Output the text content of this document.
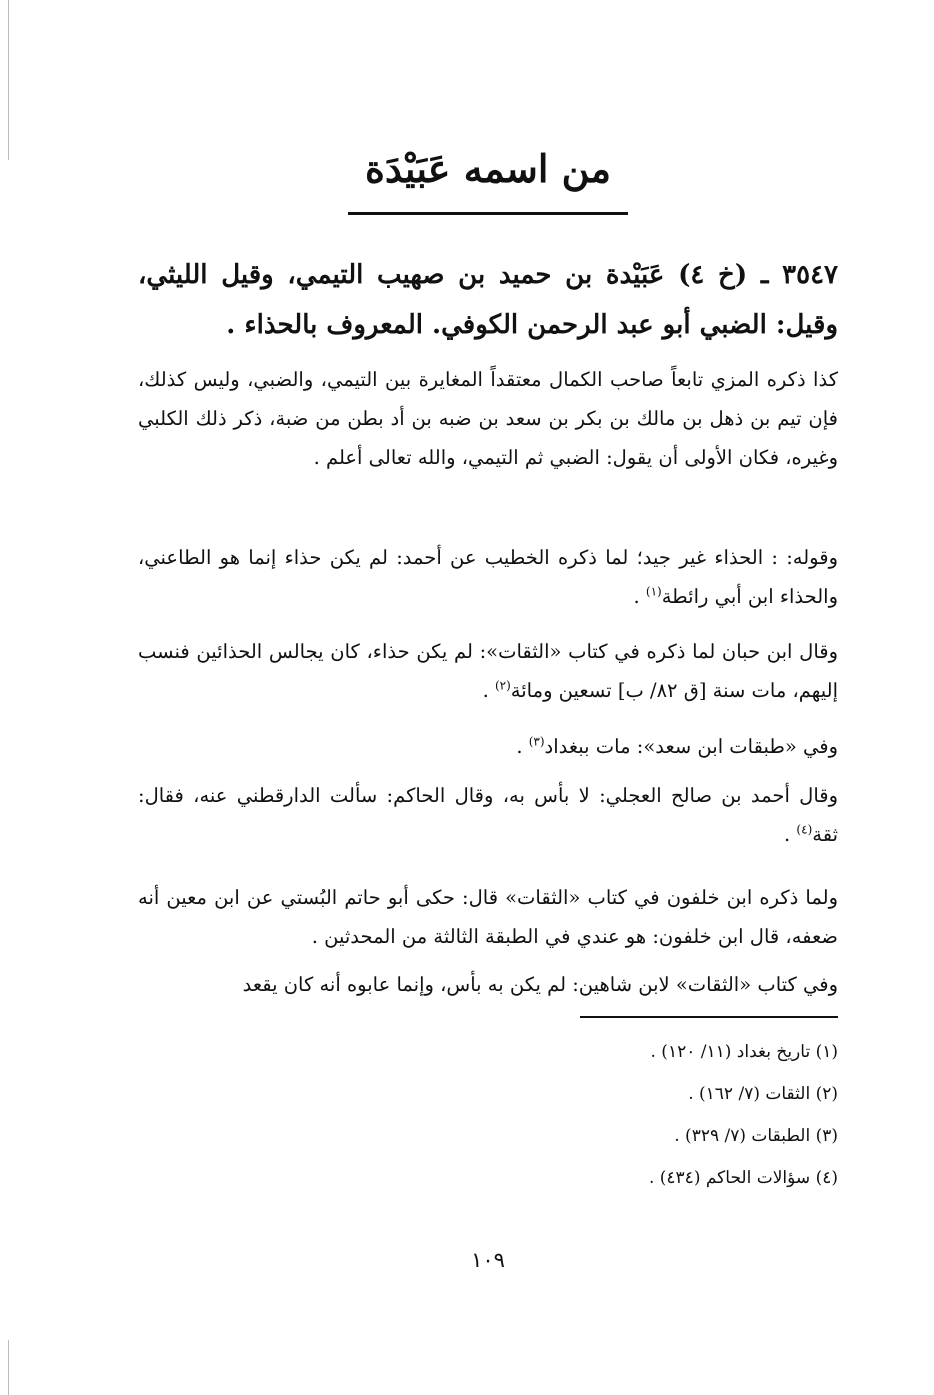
من اسمه عَبَيْدَة
٣٥٤٧ ـ (خ ٤) عَبَيْدة بن حميد بن صهيب التيمي، وقيل الليثي، وقيل: الضبي أبو عبد الرحمن الكوفي. المعروف بالحذاء .
كذا ذكره المزي تابعاً صاحب الكمال معتقداً المغايرة بين التيمي، والضبي، وليس كذلك، فإن تيم بن ذهل بن مالك بن بكر بن سعد بن ضبه بن أد بطن من ضبة، ذكر ذلك الكلبي وغيره، فكان الأولى أن يقول: الضبي ثم التيمي، والله تعالى أعلم .
وقوله: : الحذاء غير جيد؛ لما ذكره الخطيب عن أحمد: لم يكن حذاء إنما هو الطاعني، والحذاء ابن أبي رائطة$^{(١)}$ .
وقال ابن حبان لما ذكره في كتاب «الثقات»: لم يكن حذاء، كان يجالس الحذائين فنسب إليهم، مات سنة [ق ٨٢/ ب] تسعين ومائة$^{(٢)}$ .
وفي «طبقات ابن سعد»: مات ببغداد$^{(٣)}$ .
وقال أحمد بن صالح العجلي: لا بأس به، وقال الحاكم: سألت الدارقطني عنه، فقال: ثقة$^{(٤)}$ .
ولما ذكره ابن خلفون في كتاب «الثقات» قال: حكى أبو حاتم البُستي عن ابن معين أنه ضعفه، قال ابن خلفون: هو عندي في الطبقة الثالثة من المحدثين .
وفي كتاب «الثقات» لابن شاهين: لم يكن به بأس، وإنما عابوه أنه كان يقعد
(١) تاريخ بغداد (١١/ ١٢٠) .
(٢) الثقات (٧/ ١٦٢) .
(٣) الطبقات (٧/ ٣٢٩) .
(٤) سؤالات الحاكم (٤٣٤) .
١٠٩
